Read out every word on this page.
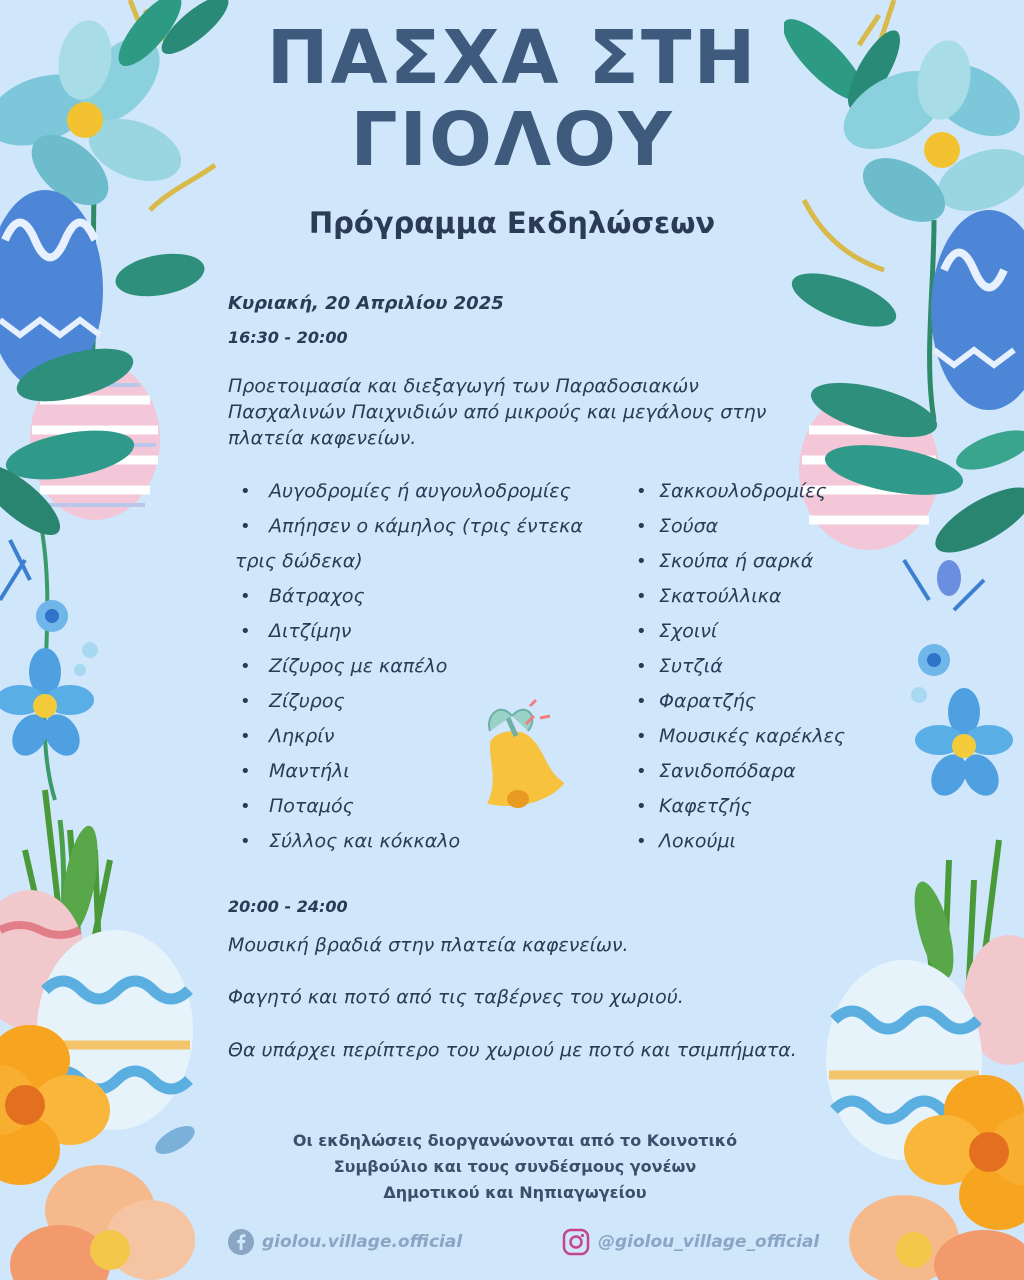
ΠΑΣΧΑ ΣΤΗ
ΓΙΟΛΟΥ
Πρόγραμμα Εκδηλώσεων
Κυριακή, 20 Απριλίου 2025
16:30 - 20:00
Προετοιμασία και διεξαγωγή των Παραδοσιακών
Πασχαλινών Παιχνιδιών από μικρούς και μεγάλους στην
πλατεία καφενείων.
• Αυγοδρομίες ή αυγουλοδρομίες
• Απήησεν ο κάμηλος (τρις έντεκα
τρις δώδεκα)
• Βάτραχος
• Διτζίμην
• Ζίζυρος με καπέλο
• Ζίζυρος
• Ληκρίν
• Μαντήλι
• Ποταμός
• Σύλλος και κόκκαλο
• Σακκουλοδρομίες
• Σούσα
• Σκούπα ή σαρκά
• Σκατούλλικα
• Σχοινί
• Συτζιά
• Φαρατζής
• Μουσικές καρέκλες
• Σανιδοπόδαρα
• Καφετζής
• Λοκούμι
20:00 - 24:00
Μουσική βραδιά στην πλατεία καφενείων.
Φαγητό και ποτό από τις ταβέρνες του χωριού.
Θα υπάρχει περίπτερο του χωριού με ποτό και τσιμπήματα.
Οι εκδηλώσεις διοργανώνονται από το Κοινοτικό
Συμβούλιο και τους συνδέσμους γονέων
Δημοτικού και Νηπιαγωγείου
giolou.village.official	@giolou_village_official
